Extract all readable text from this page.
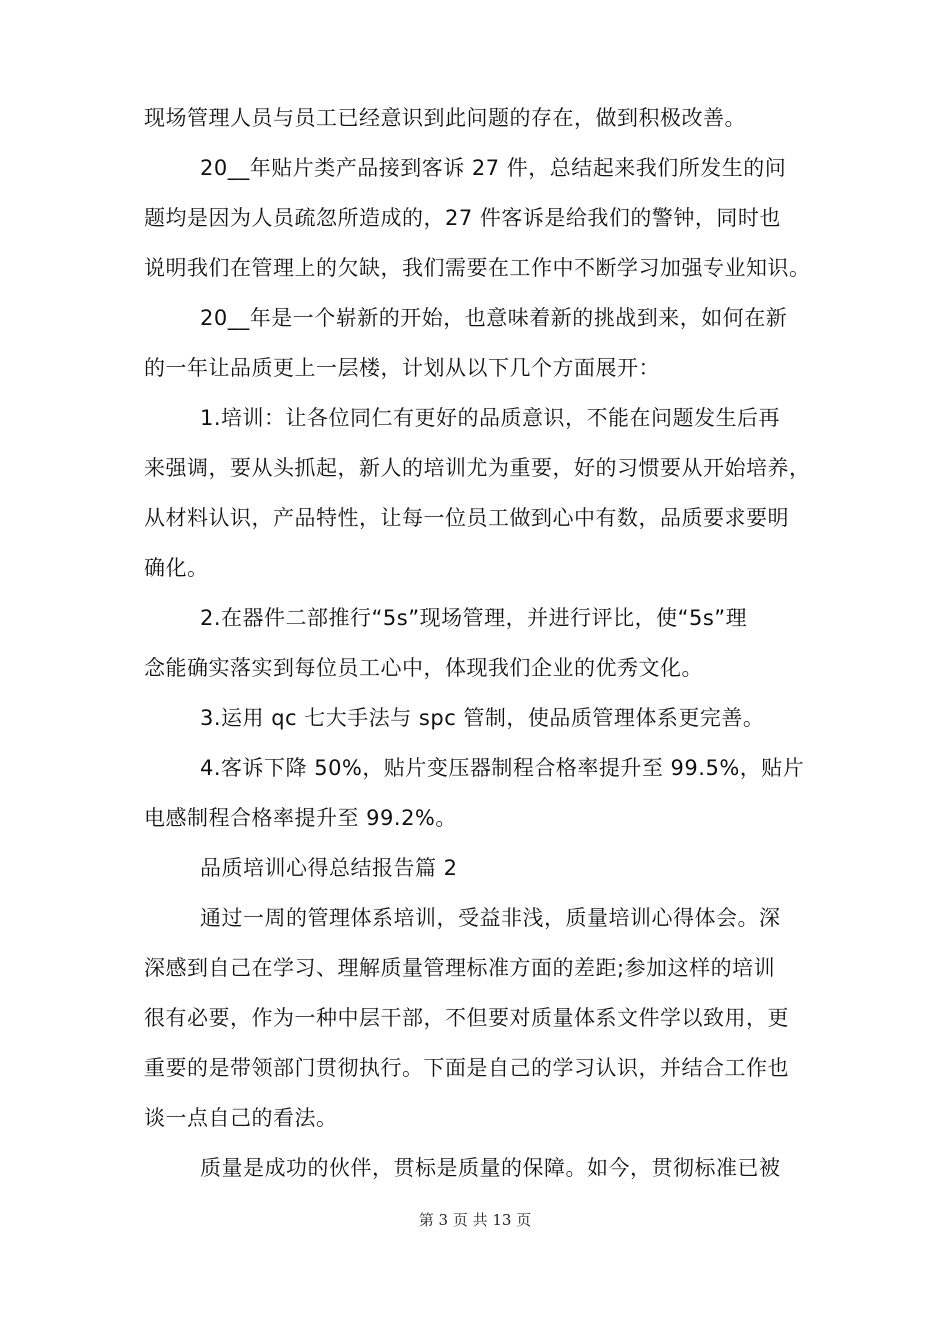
现场管理人员与员工已经意识到此问题的存在，做到积极改善。
20__年贴片类产品接到客诉 27 件，总结起来我们所发生的问
题均是因为人员疏忽所造成的，27 件客诉是给我们的警钟，同时也
说明我们在管理上的欠缺，我们需要在工作中不断学习加强专业知识。
20__年是一个崭新的开始，也意味着新的挑战到来，如何在新
的一年让品质更上一层楼，计划从以下几个方面展开：
1.培训：让各位同仁有更好的品质意识，不能在问题发生后再
来强调，要从头抓起，新人的培训尤为重要，好的习惯要从开始培养，
从材料认识，产品特性，让每一位员工做到心中有数，品质要求要明
确化。
2.在器件二部推行“5s”现场管理，并进行评比，使“5s”理
念能确实落实到每位员工心中，体现我们企业的优秀文化。
3.运用 qc 七大手法与 spc 管制，使品质管理体系更完善。
4.客诉下降 50%，贴片变压器制程合格率提升至 99.5%，贴片
电感制程合格率提升至 99.2%。
品质培训心得总结报告篇 2
通过一周的管理体系培训，受益非浅，质量培训心得体会。深
深感到自己在学习、理解质量管理标准方面的差距;参加这样的培训
很有必要，作为一种中层干部，不但要对质量体系文件学以致用，更
重要的是带领部门贯彻执行。下面是自己的学习认识，并结合工作也
谈一点自己的看法。
质量是成功的伙伴，贯标是质量的保障。如今，贯彻标准已被
第 3 页 共 13 页
